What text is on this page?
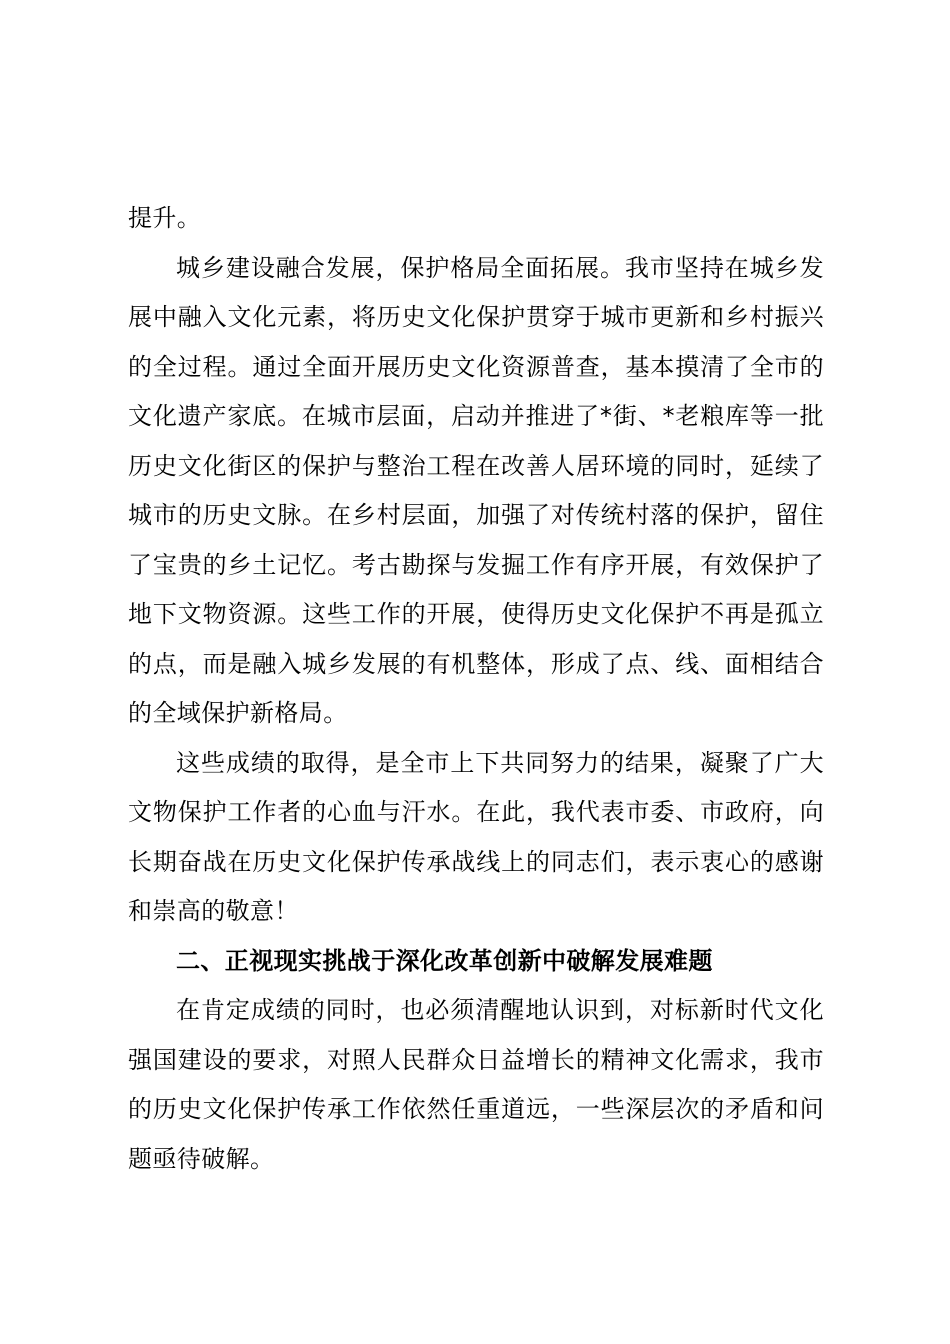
提升。

城乡建设融合发展，保护格局全面拓展。我市坚持在城乡发展中融入文化元素，将历史文化保护贯穿于城市更新和乡村振兴的全过程。通过全面开展历史文化资源普查，基本摸清了全市的文化遗产家底。在城市层面，启动并推进了*街、*老粮库等一批历史文化街区的保护与整治工程在改善人居环境的同时，延续了城市的历史文脉。在乡村层面，加强了对传统村落的保护，留住了宝贵的乡土记忆。考古勘探与发掘工作有序开展，有效保护了地下文物资源。这些工作的开展，使得历史文化保护不再是孤立的点，而是融入城乡发展的有机整体，形成了点、线、面相结合的全域保护新格局。

这些成绩的取得，是全市上下共同努力的结果，凝聚了广大文物保护工作者的心血与汗水。在此，我代表市委、市政府，向长期奋战在历史文化保护传承战线上的同志们，表示衷心的感谢和崇高的敬意！

二、正视现实挑战于深化改革创新中破解发展难题

在肯定成绩的同时，也必须清醒地认识到，对标新时代文化强国建设的要求，对照人民群众日益增长的精神文化需求，我市的历史文化保护传承工作依然任重道远，一些深层次的矛盾和问题亟待破解。
